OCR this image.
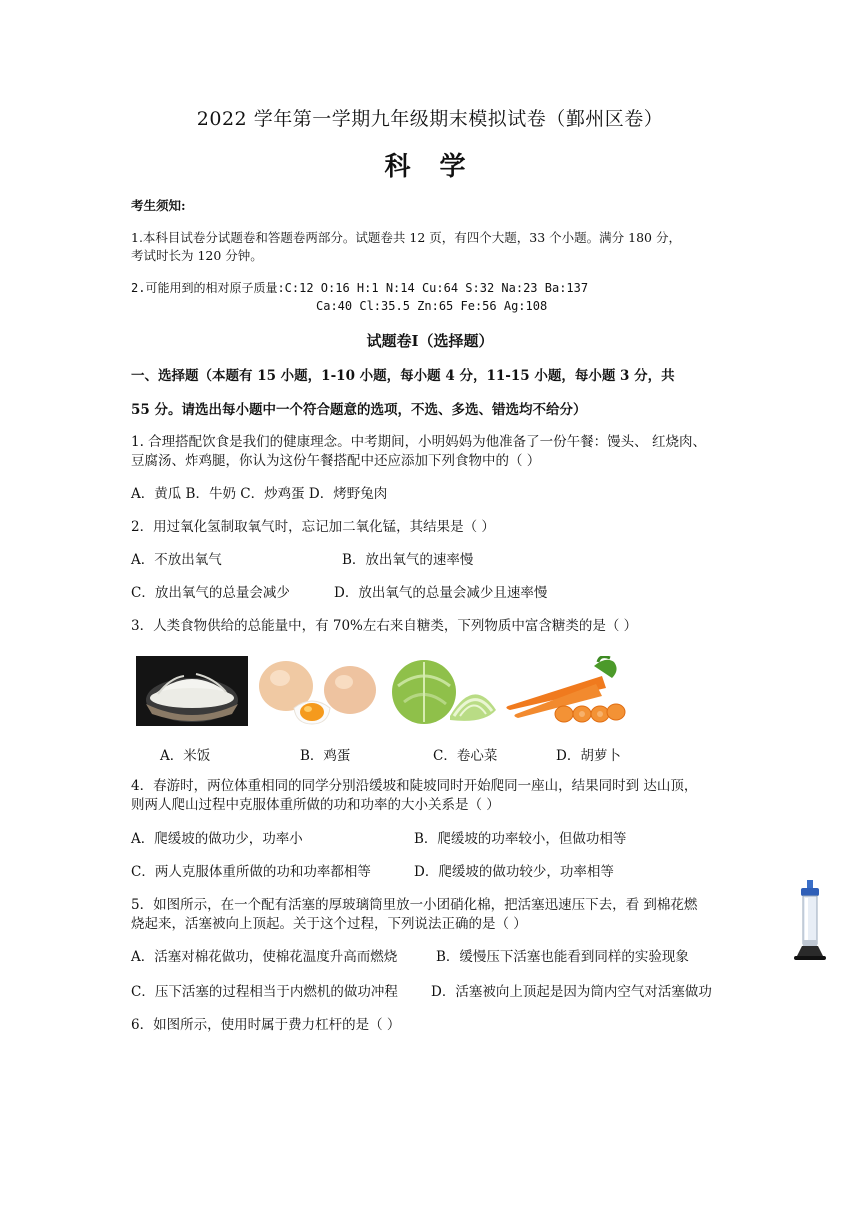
2022 学年第一学期九年级期末模拟试卷（鄞州区卷）
科 学
考生须知:
1.本科目试卷分试题卷和答题卷两部分。试题卷共 12 页，有四个大题，33 个小题。满分 180 分，
考试时长为 120 分钟。
2.可能用到的相对原子质量:C:12 O:16 H:1 N:14 Cu:64 S:32 Na:23 Ba:137
Ca:40 Cl:35.5 Zn:65 Fe:56 Ag:108
试题卷Ⅰ（选择题）
一、选择题（本题有 15 小题，1-10 小题，每小题 4 分，11-15 小题，每小题 3 分，共
55 分。请选出每小题中一个符合题意的选项，不选、多选、错选均不给分）
1. 合理搭配饮食是我们的健康理念。中考期间，小明妈妈为他准备了一份午餐：馒头、 红烧肉、
豆腐汤、炸鸡腿，你认为这份午餐搭配中还应添加下列食物中的（ ）
A．黄瓜 B．牛奶 C．炒鸡蛋 D．烤野兔肉
2．用过氧化氢制取氧气时，忘记加二氧化锰，其结果是（ ）
A．不放出氧气	B．放出氧气的速率慢
C．放出氧气的总量会减少	D．放出氧气的总量会减少且速率慢
3．人类食物供给的总能量中，有 70%左右来自糖类，下列物质中富含糖类的是（ ）
A．米饭	B．鸡蛋	C．卷心菜	D．胡萝卜
4．春游时，两位体重相同的同学分别沿缓坡和陡坡同时开始爬同一座山，结果同时到 达山顶，
则两人爬山过程中克服体重所做的功和功率的大小关系是（ ）
A．爬缓坡的做功少，功率小	B．爬缓坡的功率较小，但做功相等
C．两人克服体重所做的功和功率都相等	D．爬缓坡的做功较少，功率相等
5．如图所示，在一个配有活塞的厚玻璃筒里放一小团硝化棉，把活塞迅速压下去，看 到棉花燃
烧起来，活塞被向上顶起。关于这个过程，下列说法正确的是（ ）
A．活塞对棉花做功，使棉花温度升高而燃烧	B．缓慢压下活塞也能看到同样的实验现象
C．压下活塞的过程相当于内燃机的做功冲程 D．活塞被向上顶起是因为筒内空气对活塞做功
6．如图所示，使用时属于费力杠杆的是（ ）
